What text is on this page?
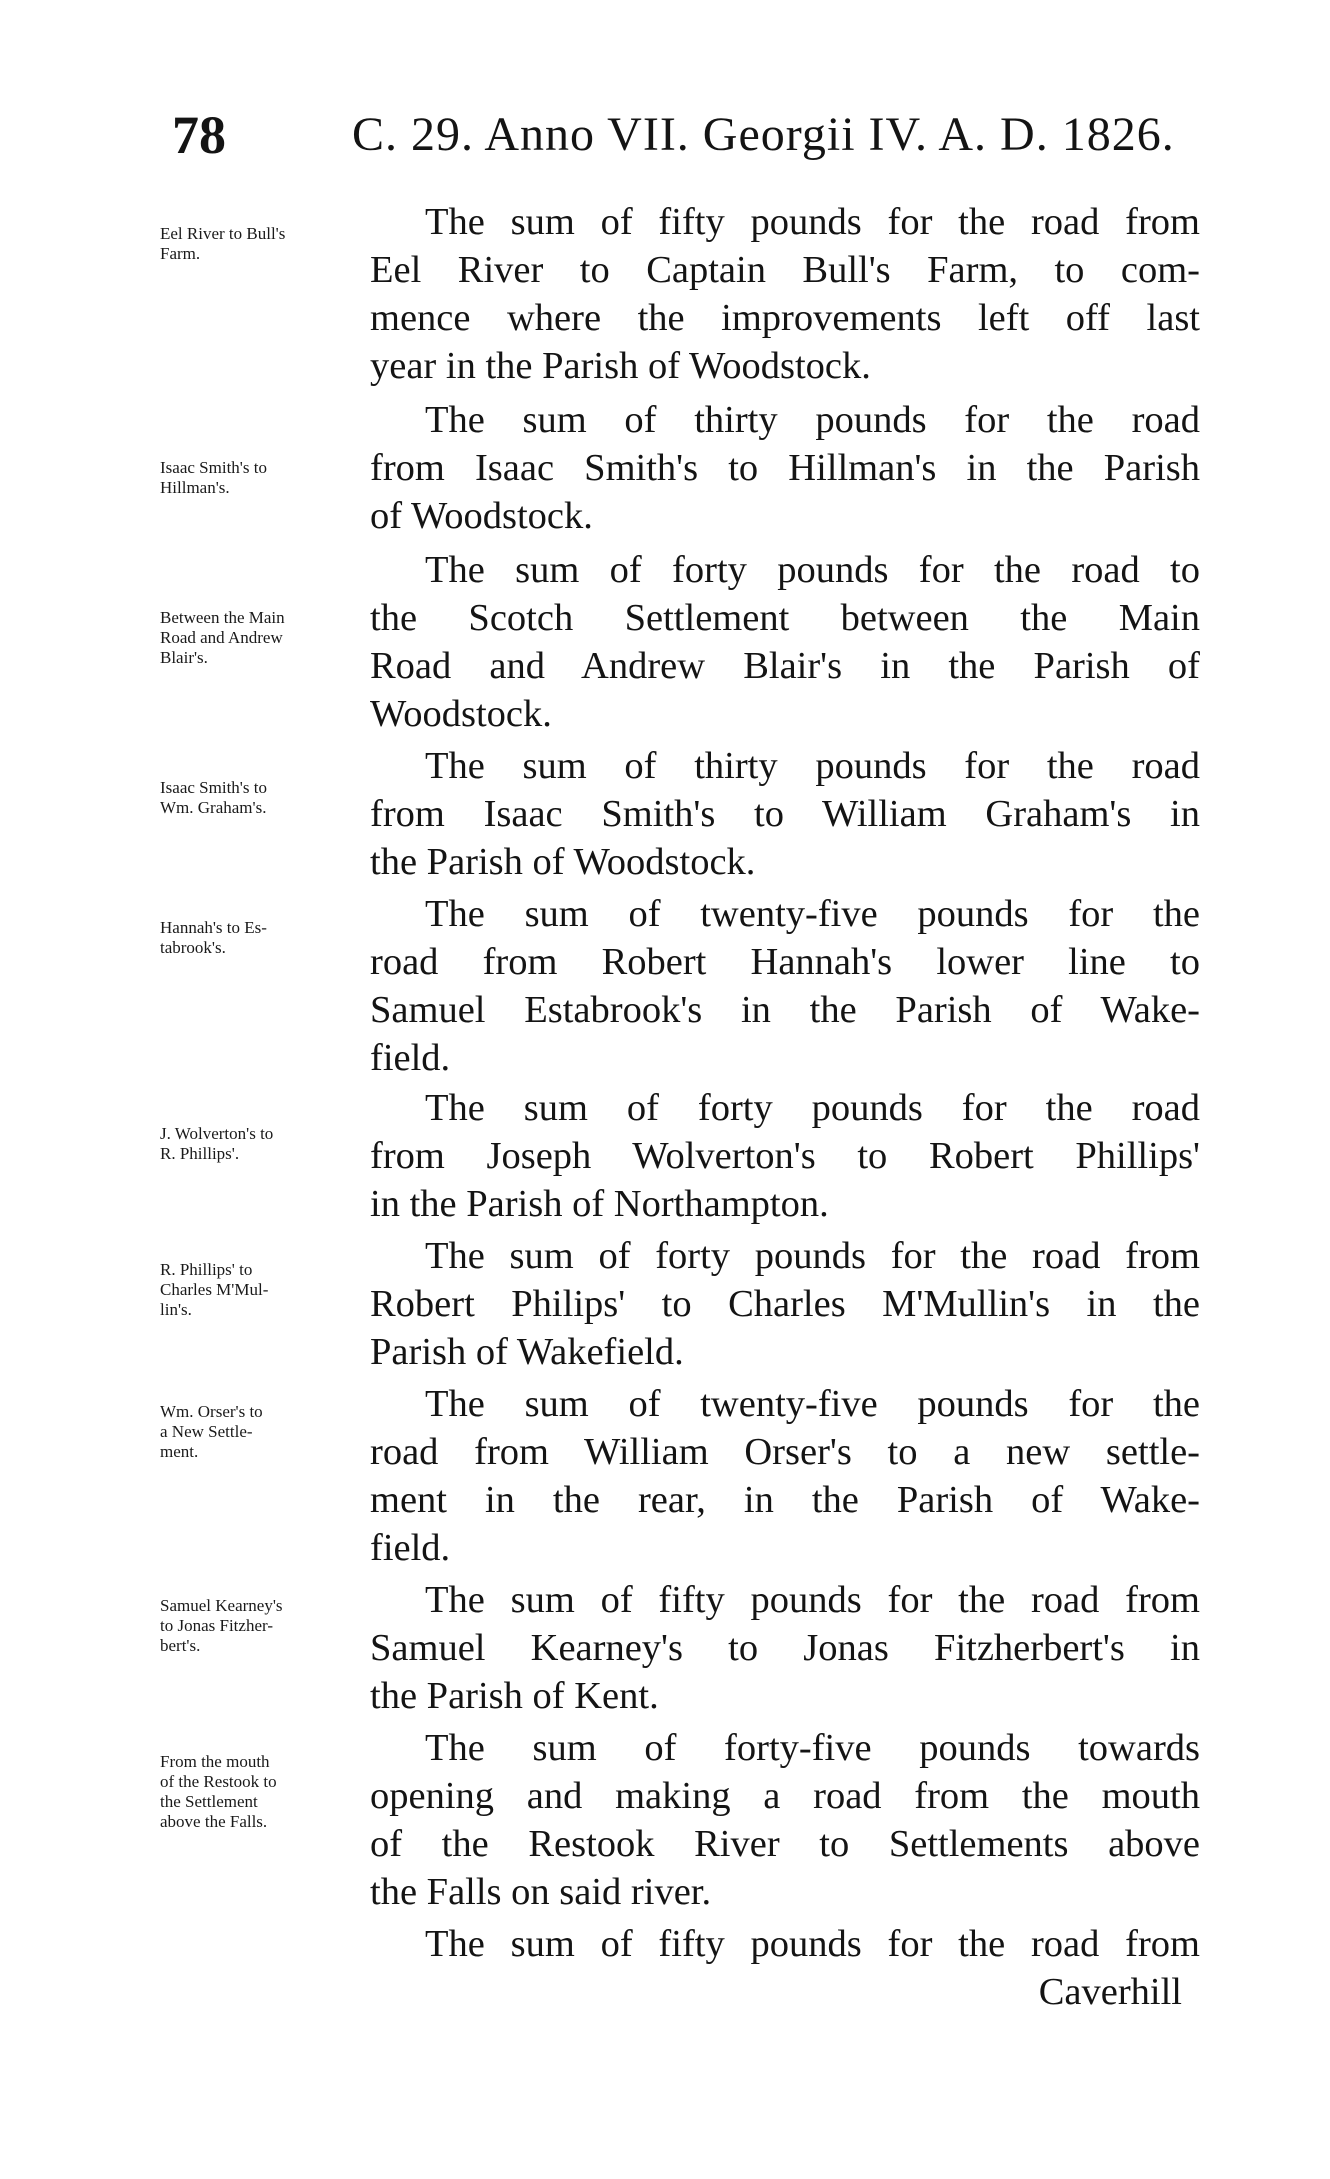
78	C. 29. Anno VII. Georgii IV. A. D. 1826.
Eel River to Bull's
Farm.
The sum of fifty pounds for the road from
Eel River to Captain Bull's Farm, to com-
mence where the improvements left off last
year in the Parish of Woodstock.
Isaac Smith's to
Hillman's.
The sum of thirty pounds for the road
from Isaac Smith's to Hillman's in the Parish
of Woodstock.
Between the Main
Road and Andrew
Blair's.
The sum of forty pounds for the road to
the Scotch Settlement between the Main
Road and Andrew Blair's in the Parish of
Woodstock.
Isaac Smith's to
Wm. Graham's.
The sum of thirty pounds for the road
from Isaac Smith's to William Graham's in
the Parish of Woodstock.
Hannah's to Es-
tabrook's.
The sum of twenty-five pounds for the
road from Robert Hannah's lower line to
Samuel Estabrook's in the Parish of Wake-
field.
J. Wolverton's to
R. Phillips'.
The sum of forty pounds for the road
from Joseph Wolverton's to Robert Phillips'
in the Parish of Northampton.
R. Phillips' to
Charles M'Mul-
lin's.
The sum of forty pounds for the road from
Robert Philips' to Charles M'Mullin's in the
Parish of Wakefield.
Wm. Orser's to
a New Settle-
ment.
The sum of twenty-five pounds for the
road from William Orser's to a new settle-
ment in the rear, in the Parish of Wake-
field.
Samuel Kearney's
to Jonas Fitzher-
bert's.
The sum of fifty pounds for the road from
Samuel Kearney's to Jonas Fitzherbert's in
the Parish of Kent.
From the mouth
of the Restook to
the Settlement
above the Falls.
The sum of forty-five pounds towards
opening and making a road from the mouth
of the Restook River to Settlements above
the Falls on said river.
The sum of fifty pounds for the road from
Caverhill
